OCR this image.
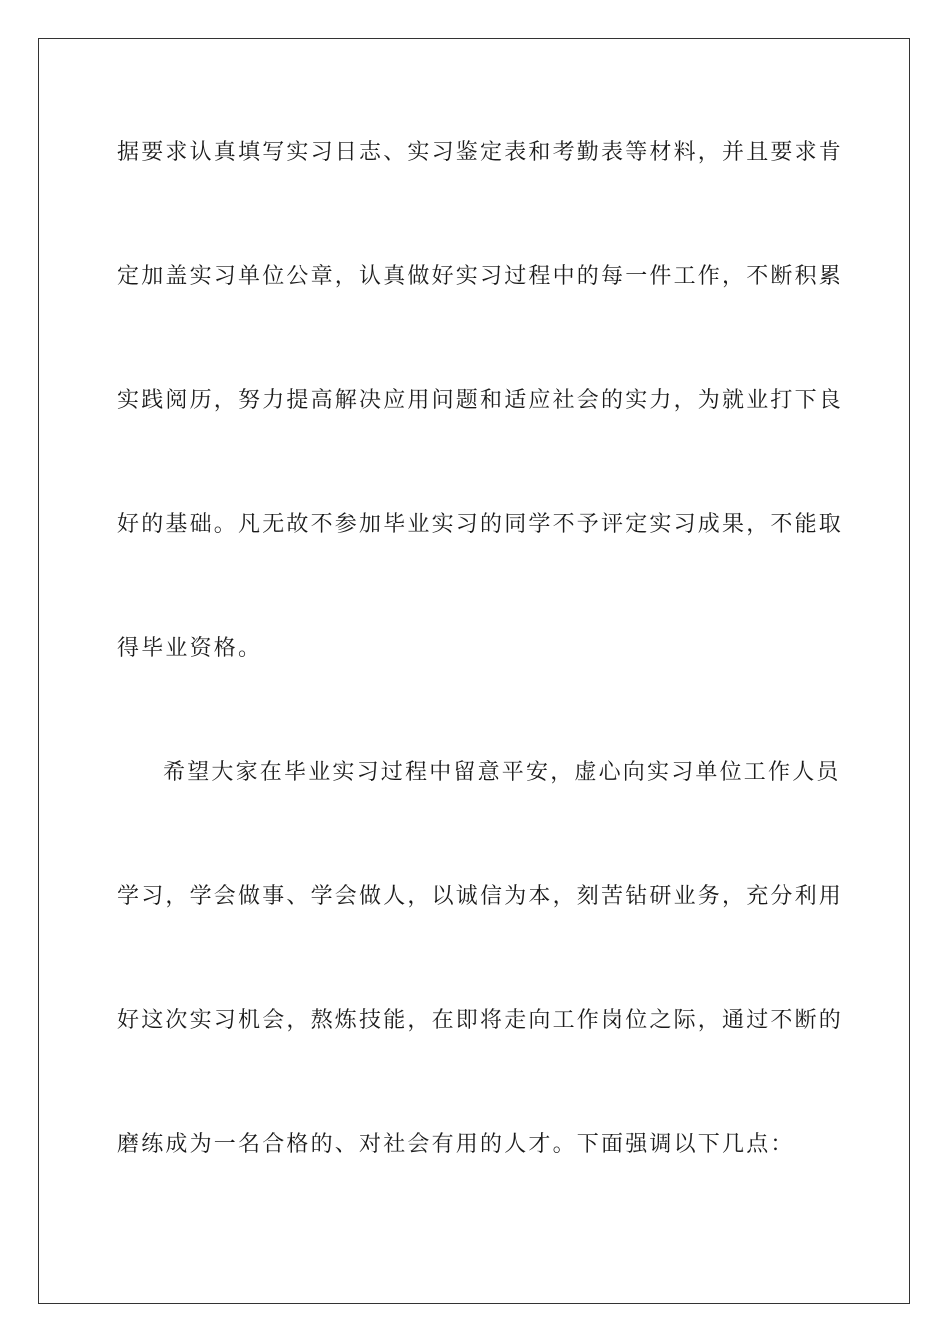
据要求认真填写实习日志、实习鉴定表和考勤表等材料，并且要求肯
定加盖实习单位公章，认真做好实习过程中的每一件工作，不断积累
实践阅历，努力提高解决应用问题和适应社会的实力，为就业打下良
好的基础。凡无故不参加毕业实习的同学不予评定实习成果，不能取
得毕业资格。
希望大家在毕业实习过程中留意平安，虚心向实习单位工作人员
学习，学会做事、学会做人，以诚信为本，刻苦钻研业务，充分利用
好这次实习机会，熬炼技能，在即将走向工作岗位之际，通过不断的
磨练成为一名合格的、对社会有用的人才。下面强调以下几点：
